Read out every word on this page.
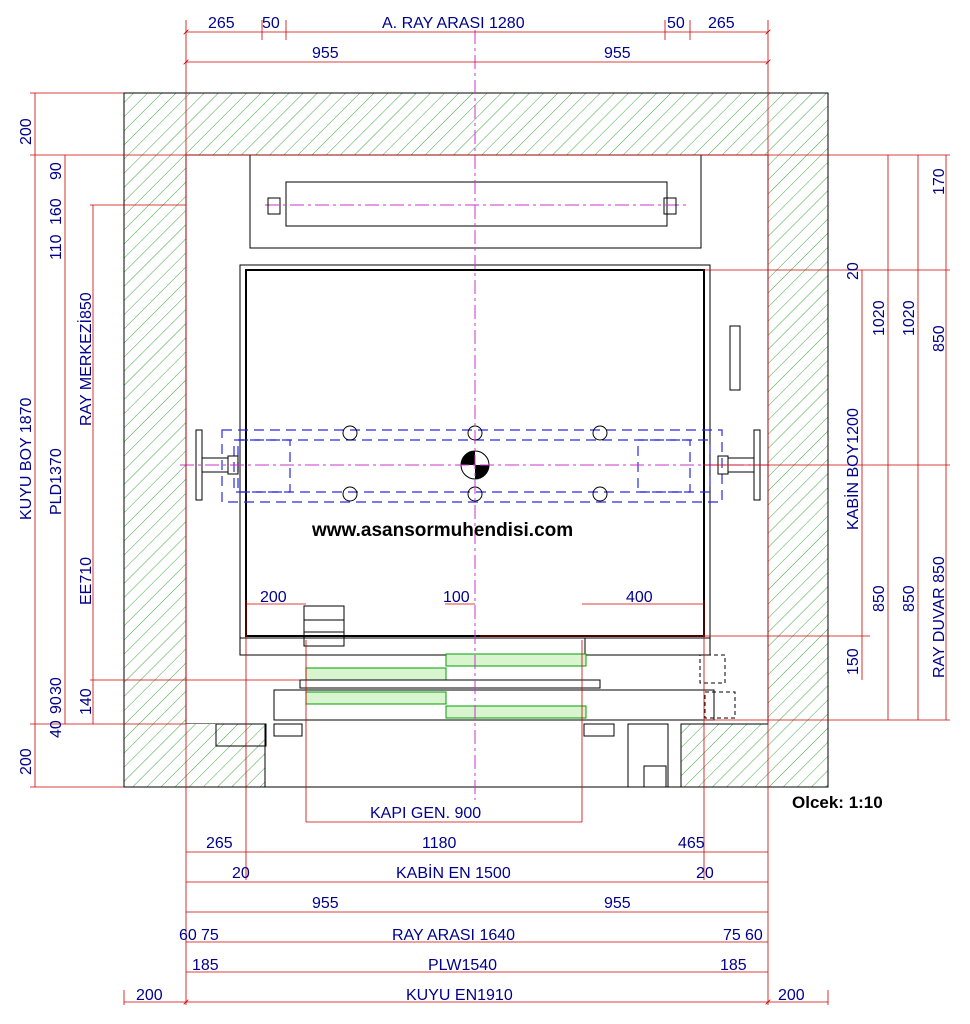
F
www.asansormuhendisi.com
Olcek: 1:10
265 50	A. RAY ARASI 1280	50 265
955	955
200	100	400
KAPI GEN. 900
265	1180	465
20	KABİN EN 1500	20
955	955
60 75	RAY ARASI 1640	75 60
185	PLW1540	185
200	KUYU EN1910	200
200
90
160
110
RAY MERKEZİ850
EE710
140
30
90
40
200
KUYU BOY 1870 PLD1370
20
KABİN BOY1200
150
1020
850
1020
850
170
850
RAY DUVAR 850
